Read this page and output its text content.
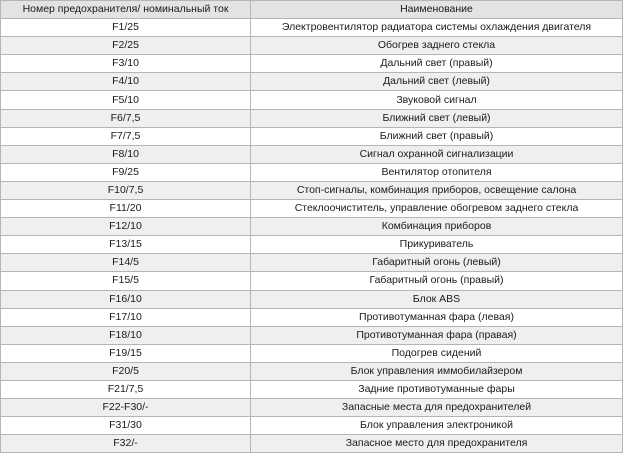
Номер предохранителя/ номинальный ток	Наименование
F1/25	Электровентилятор радиатора системы охлаждения двигателя
F2/25	Обогрев заднего стекла
F3/10	Дальний свет (правый)
F4/10	Дальний свет (левый)
F5/10	Звуковой сигнал
F6/7,5	Ближний свет (левый)
F7/7,5	Ближний свет (правый)
F8/10	Сигнал охранной сигнализации
F9/25	Вентилятор отопителя
F10/7,5	Стоп-сигналы, комбинация приборов, освещение салона
F11/20	Стеклоочиститель, управление обогревом заднего стекла
F12/10	Комбинация приборов
F13/15	Прикуриватель
F14/5	Габаритный огонь (левый)
F15/5	Габаритный огонь (правый)
F16/10	Блок ABS
F17/10	Противотуманная фара (левая)
F18/10	Противотуманная фара (правая)
F19/15	Подогрев сидений
F20/5	Блок управления иммобилайзером
F21/7,5	Задние противотуманные фары
F22-F30/-	Запасные места для предохранителей
F31/30	Блок управления электроникой
F32/-	Запасное место для предохранителя
